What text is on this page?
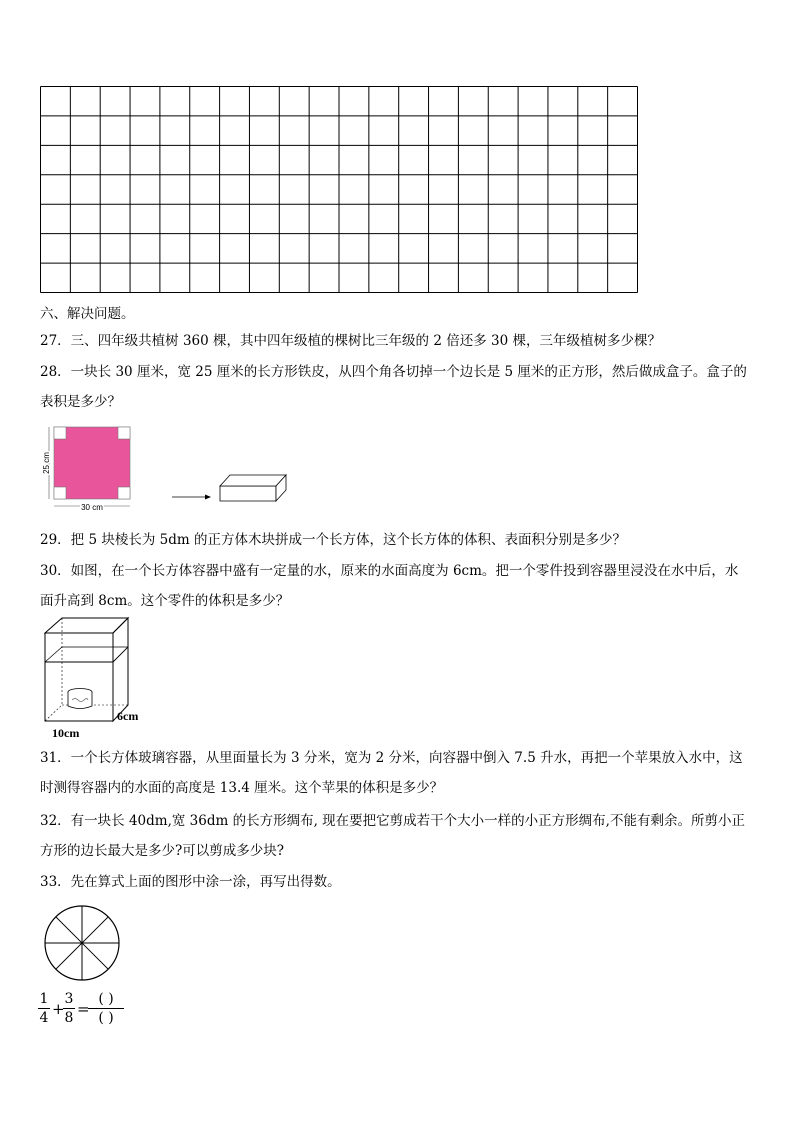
六、解决问题。
27．三、四年级共植树 360 棵，其中四年级植的棵树比三年级的 2 倍还多 30 棵，三年级植树多少棵？
28．一块长 30 厘米，宽 25 厘米的长方形铁皮，从四个角各切掉一个边长是 5 厘米的正方形，然后做成盒子。盒子的
表积是多少？
25 cm
30 cm
29．把 5 块棱长为 5dm 的正方体木块拼成一个长方体，这个长方体的体积、表面积分别是多少？
30．如图，在一个长方体容器中盛有一定量的水，原来的水面高度为 6cm。把一个零件投到容器里浸没在水中后，水
面升高到 8cm。这个零件的体积是多少？
10cm
6cm
31．一个长方体玻璃容器，从里面量长为 3 分米，宽为 2 分米，向容器中倒入 7.5 升水，再把一个苹果放入水中，这
时测得容器内的水面的高度是 13.4 厘米。这个苹果的体积是多少？
32．有一块长 40dm,宽 36dm 的长方形绸布, 现在要把它剪成若干个大小一样的小正方形绸布,不能有剩余。所剪小正
方形的边长最大是多少?可以剪成多少块?
33．先在算式上面的图形中涂一涂，再写出得数。
1
4 +
3
8 =
( )
( )
